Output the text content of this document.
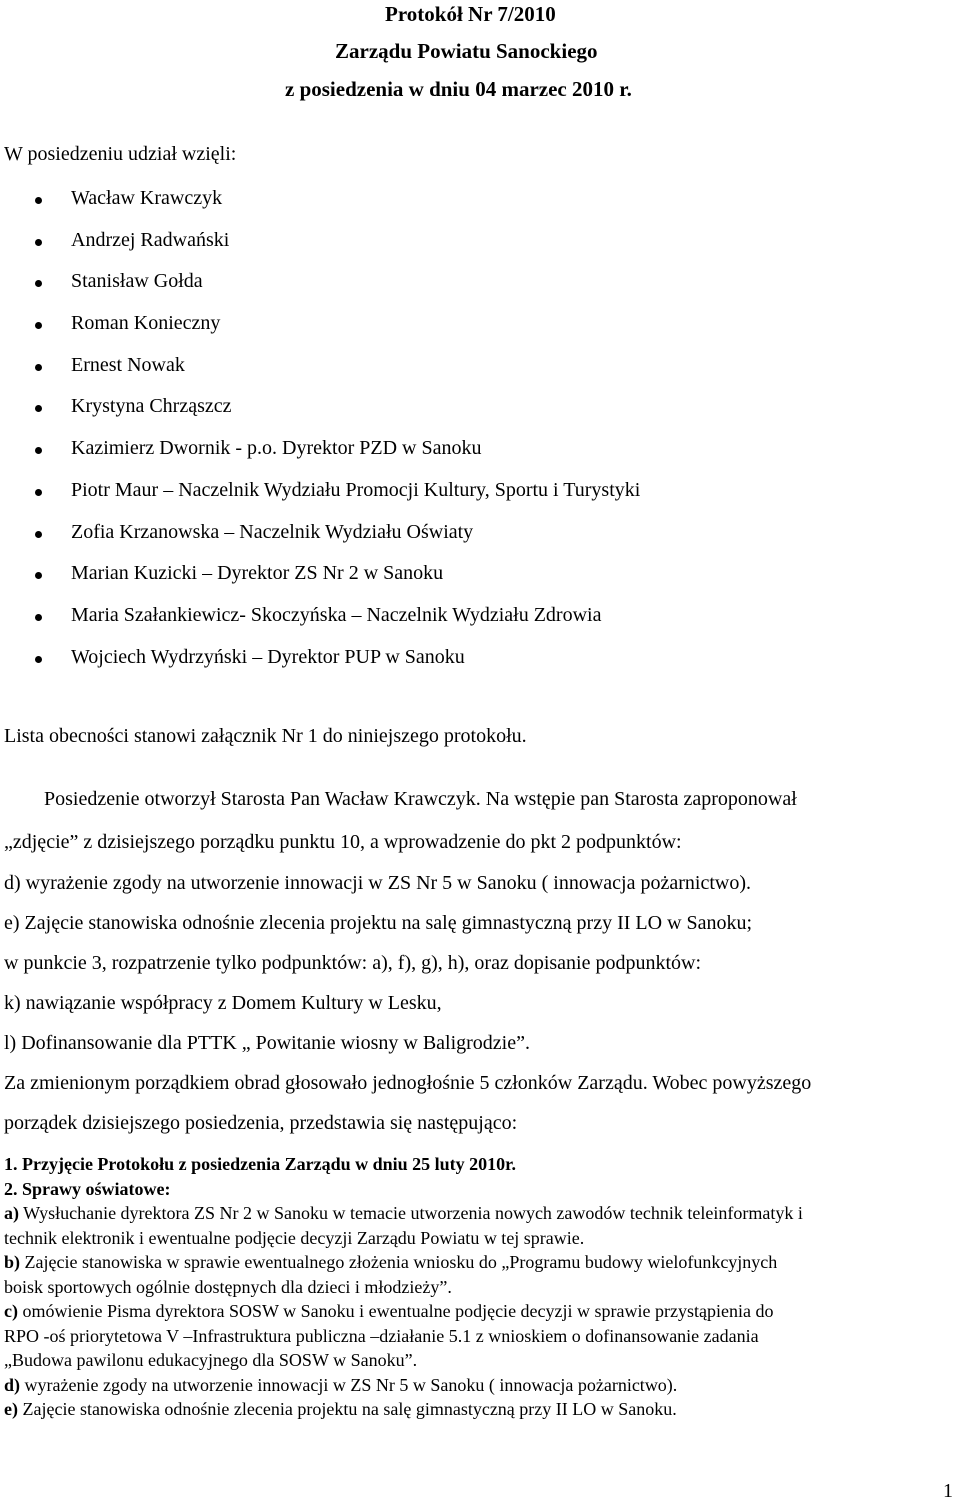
Protokół Nr 7/2010
Zarządu Powiatu Sanockiego
z posiedzenia w dniu 04 marzec 2010 r.
W posiedzeniu udział wzięli:
Wacław Krawczyk
Andrzej Radwański
Stanisław Gołda
Roman Konieczny
Ernest Nowak
Krystyna Chrząszcz
Kazimierz Dwornik - p.o. Dyrektor PZD w Sanoku
Piotr Maur – Naczelnik Wydziału Promocji Kultury, Sportu i Turystyki
Zofia Krzanowska – Naczelnik Wydziału Oświaty
Marian Kuzicki – Dyrektor ZS Nr 2 w Sanoku
Maria Szałankiewicz- Skoczyńska – Naczelnik Wydziału Zdrowia
Wojciech Wydrzyński – Dyrektor PUP w Sanoku
Lista obecności stanowi załącznik Nr 1 do niniejszego protokołu.
Posiedzenie otworzył Starosta Pan Wacław Krawczyk. Na wstępie pan Starosta zaproponował
„zdjęcie” z dzisiejszego porządku punktu 10, a wprowadzenie do pkt 2 podpunktów:
d) wyrażenie zgody na utworzenie innowacji w ZS Nr 5 w Sanoku ( innowacja pożarnictwo).
e) Zajęcie stanowiska odnośnie zlecenia projektu na salę gimnastyczną przy II LO w Sanoku;
w punkcie 3, rozpatrzenie tylko podpunktów: a), f), g), h), oraz dopisanie podpunktów:
k) nawiązanie współpracy z Domem Kultury w Lesku,
l) Dofinansowanie dla PTTK „ Powitanie wiosny w Baligrodzie”.
Za zmienionym porządkiem obrad głosowało jednogłośnie 5 członków Zarządu. Wobec powyższego
porządek dzisiejszego posiedzenia, przedstawia się następująco:
1. Przyjęcie Protokołu z posiedzenia Zarządu w dniu 25 luty 2010r.
2. Sprawy oświatowe:
a) Wysłuchanie dyrektora ZS Nr 2 w Sanoku w temacie utworzenia nowych zawodów technik teleinformatyk i
technik elektronik i ewentualne podjęcie decyzji Zarządu Powiatu w tej sprawie.
b) Zajęcie stanowiska w sprawie ewentualnego złożenia wniosku do „Programu budowy wielofunkcyjnych
boisk sportowych ogólnie dostępnych dla dzieci i młodzieży”.
c) omówienie Pisma dyrektora SOSW w Sanoku i ewentualne podjęcie decyzji w sprawie przystąpienia do
RPO -oś priorytetowa V –Infrastruktura publiczna –działanie 5.1 z wnioskiem o dofinansowanie zadania
„Budowa pawilonu edukacyjnego dla SOSW w Sanoku”.
d) wyrażenie zgody na utworzenie innowacji w ZS Nr 5 w Sanoku ( innowacja pożarnictwo).
e) Zajęcie stanowiska odnośnie zlecenia projektu na salę gimnastyczną przy II LO w Sanoku.
1
